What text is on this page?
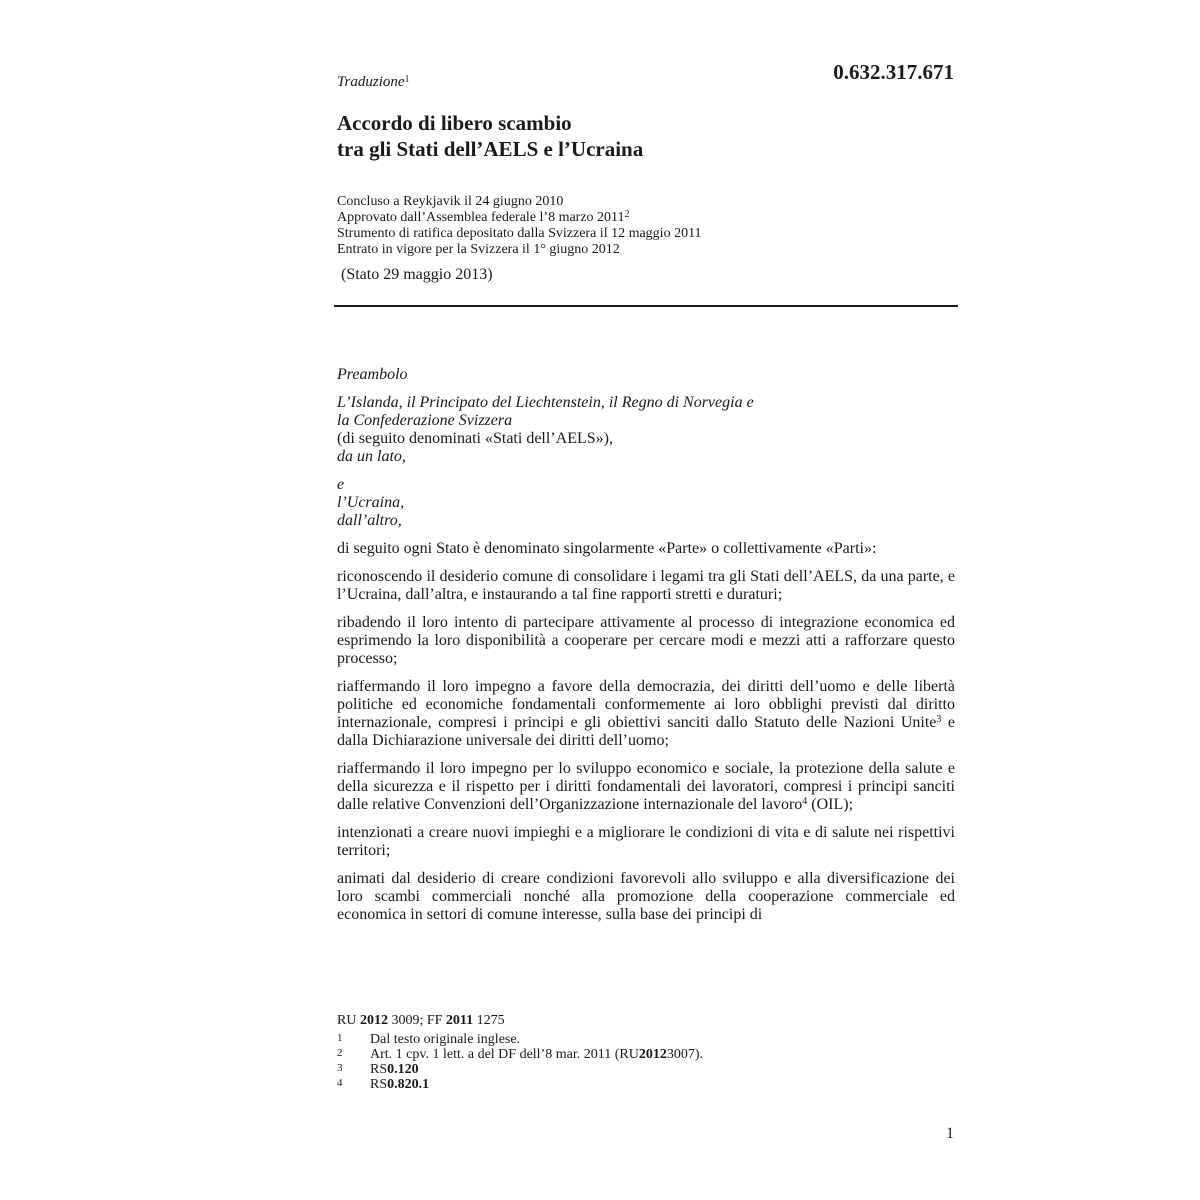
Traduzione$^1$	0.632.317.671
Accordo di libero scambio
tra gli Stati dell’AELS e l’Ucraina
Concluso a Reykjavik il 24 giugno 2010
Approvato dall’Assemblea federale l’8 marzo 2011$^2$
Strumento di ratifica depositato dalla Svizzera il 12 maggio 2011
Entrato in vigore per la Svizzera il 1° giugno 2012
(Stato 29 maggio 2013)

Preambolo

L’Islanda, il Principato del Liechtenstein, il Regno di Norvegia e

la Confederazione Svizzera

(di seguito denominati «Stati dell’AELS»),

da un lato,

e

l’Ucraina,

dall’altro,

di seguito ogni Stato è denominato singolarmente «Parte» o collettivamente «Parti»:

riconoscendo il desiderio comune di consolidare i legami tra gli Stati dell’AELS, da una parte, e l’Ucraina, dall’altra, e instaurando a tal fine rapporti stretti e duraturi;

ribadendo il loro intento di partecipare attivamente al processo di integrazione economica ed esprimendo la loro disponibilità a cooperare per cercare modi e mezzi atti a rafforzare questo processo;

riaffermando il loro impegno a favore della democrazia, dei diritti dell’uomo e delle libertà politiche ed economiche fondamentali conformemente ai loro obblighi previsti dal diritto internazionale, compresi i principi e gli obiettivi sanciti dallo Statuto delle Nazioni Unite$^3$ e dalla Dichiarazione universale dei diritti dell’uomo;

riaffermando il loro impegno per lo sviluppo economico e sociale, la protezione della salute e della sicurezza e il rispetto per i diritti fondamentali dei lavoratori, compresi i principi sanciti dalle relative Convenzioni dell’Organizzazione internazionale del lavoro$^4$ (OIL);

intenzionati a creare nuovi impieghi e a migliorare le condizioni di vita e di salute nei rispettivi territori;

animati dal desiderio di creare condizioni favorevoli allo sviluppo e alla diversificazione dei loro scambi commerciali nonché alla promozione della cooperazione commerciale ed economica in settori di comune interesse, sulla base dei principi di

RU 2012 3009; FF 2011 1275
1	Dal testo originale inglese.
2	Art. 1 cpv. 1 lett. a del DF dell’8 mar. 2011 (RU 2012 3007).
3	RS 0.120
4	RS 0.820.1
1
